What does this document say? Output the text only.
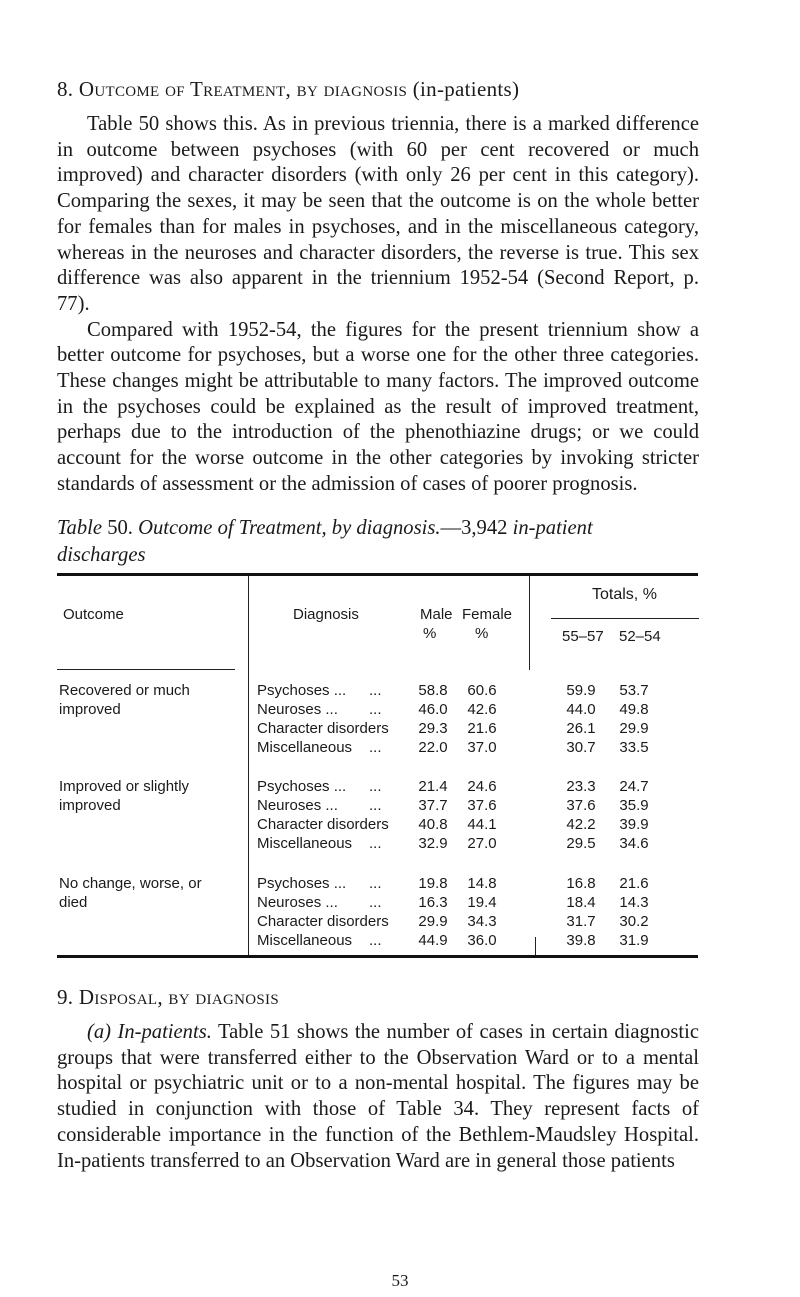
8. Outcome of Treatment, by diagnosis (in-patients)

Table 50 shows this. As in previous triennia, there is a marked difference in outcome between psychoses (with 60 per cent recovered or much improved) and character disorders (with only 26 per cent in this category). Comparing the sexes, it may be seen that the outcome is on the whole better for females than for males in psychoses, and in the miscellaneous category, whereas in the neuroses and character disorders, the reverse is true. This sex difference was also apparent in the triennium 1952-54 (Second Report, p. 77).

Compared with 1952-54, the figures for the present triennium show a better outcome for psychoses, but a worse one for the other three categories. These changes might be attributable to many factors. The improved outcome in the psychoses could be explained as the result of improved treatment, perhaps due to the introduction of the phenothiazine drugs; or we could account for the worse outcome in the other categories by invoking stricter standards of assessment or the admission of cases of poorer prognosis.

Table 50. Outcome of Treatment, by diagnosis.—3,942 in-patient
discharges
Outcome	Diagnosis	Male Female
%	%
Totals, %
55–57 52–54
Recovered or much
improved
Psychoses ... ...	58.8	60.6	59.9	53.7
Neuroses ... ...	46.0	42.6	44.0	49.8
Character disorders	29.3	21.6	26.1	29.9
Miscellaneous ...	22.0	37.0	30.7	33.5
Improved or slightly
improved
Psychoses ... ...	21.4	24.6	23.3	24.7
Neuroses ... ...	37.7	37.6	37.6	35.9
Character disorders	40.8	44.1	42.2	39.9
Miscellaneous ...	32.9	27.0	29.5	34.6
No change, worse, or
died
Psychoses ... ...	19.8	14.8	16.8	21.6
Neuroses ... ...	16.3	19.4	18.4	14.3
Character disorders	29.9	34.3	31.7	30.2
Miscellaneous ...	44.9	36.0	39.8	31.9
9. Disposal, by diagnosis

(a) In-patients. Table 51 shows the number of cases in certain diagnostic groups that were transferred either to the Observation Ward or to a mental hospital or psychiatric unit or to a non-mental hospital. The figures may be studied in conjunction with those of Table 34. They represent facts of considerable importance in the function of the Bethlem-Maudsley Hospital. In-patients transferred to an Observation Ward are in general those patients

53
